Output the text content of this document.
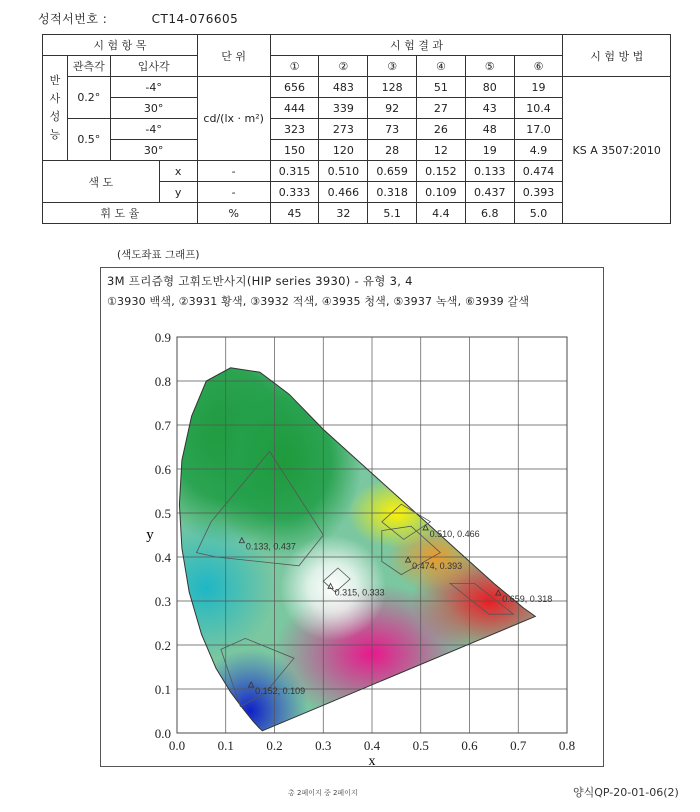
성적서번호 :	CT14-076605
시 험 항 목				단 위	시 험 결 과						시 험 방 법

반
사
성
능	관측각	입사각			①	②	③	④	⑤	⑥	
	0.2°	-4°		cd/(lx · m²)	656	483	128	51	80	19	KS A 3507:2010
		30°			444	339	92	27	43	10.4	
	0.5°	-4°			323	273	73	26	48	17.0	
		30°			150	120	28	12	19	4.9	
색 도			x	-	0.315	0.510	0.659	0.152	0.133	0.474	
			y	-	0.333	0.466	0.318	0.109	0.437	0.393	
휘 도 율				%	45	32	5.1	4.4	6.8	5.0	
(색도좌표 그래프)
3M 프리즘형 고휘도반사지(HIP series 3930) - 유형 3, 4
①3930 백색, ②3931 황색, ③3932 적색, ④3935 청색, ⑤3937 녹색, ⑥3939 갈색
0.315, 0.333
0.510, 0.466
0.659, 0.318
0.152, 0.109
0.133, 0.437
0.474, 0.393
0.0	0.1	0.2	0.3	0.4	0.5	0.6	0.7	0.8
0.0
0.1
0.2
0.3
0.4
0.5
0.6
0.7
0.8
0.9
x
y
총 2페이지 중 2페이지	양식QP-20-01-06(2)
